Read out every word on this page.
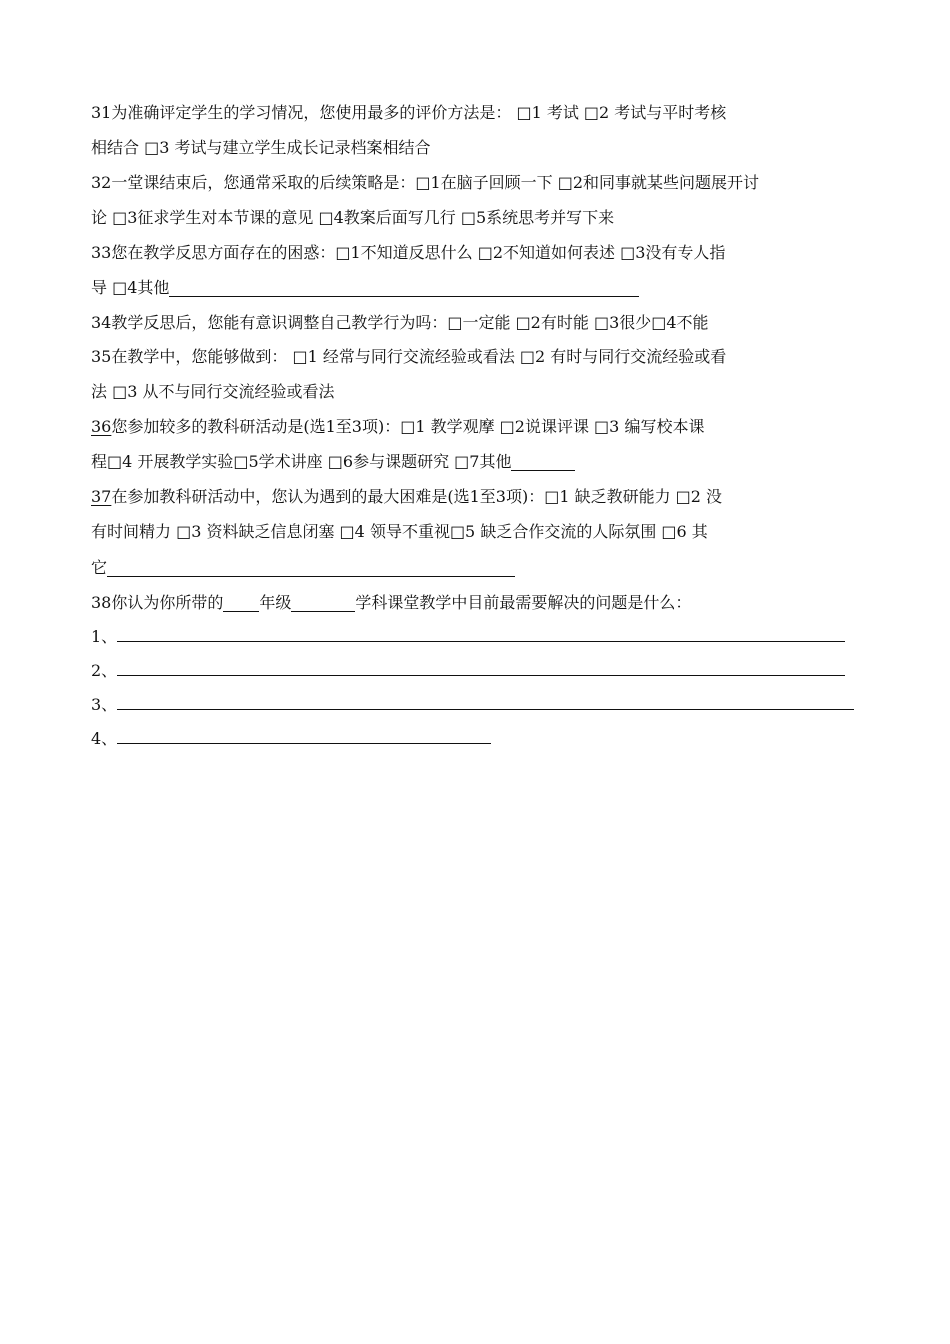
31为准确评定学生的学习情况，您使用最多的评价方法是： □1 考试 □2 考试与平时考核
相结合 □3 考试与建立学生成长记录档案相结合
32一堂课结束后，您通常采取的后续策略是：□1在脑子回顾一下 □2和同事就某些问题展开讨
论 □3征求学生对本节课的意见 □4教案后面写几行 □5系统思考并写下来
33您在教学反思方面存在的困惑：□1不知道反思什么 □2不知道如何表述 □3没有专人指
导 □4其他
34教学反思后，您能有意识调整自己教学行为吗：□一定能 □2有时能 □3很少□4不能
35在教学中，您能够做到： □1 经常与同行交流经验或看法 □2 有时与同行交流经验或看
法 □3 从不与同行交流经验或看法
36您参加较多的教科研活动是(选1至3项)：□1 教学观摩 □2说课评课 □3 编写校本课
程□4 开展教学实验□5学术讲座 □6参与课题研究 □7其他
37在参加教科研活动中，您认为遇到的最大困难是(选1至3项)：□1 缺乏教研能力 □2 没
有时间精力 □3 资料缺乏信息闭塞 □4 领导不重视□5 缺乏合作交流的人际氛围 □6 其
它
38你认为你所带的 年级	学科课堂教学中目前最需要解决的问题是什么：
1、
2、
3、
4、
